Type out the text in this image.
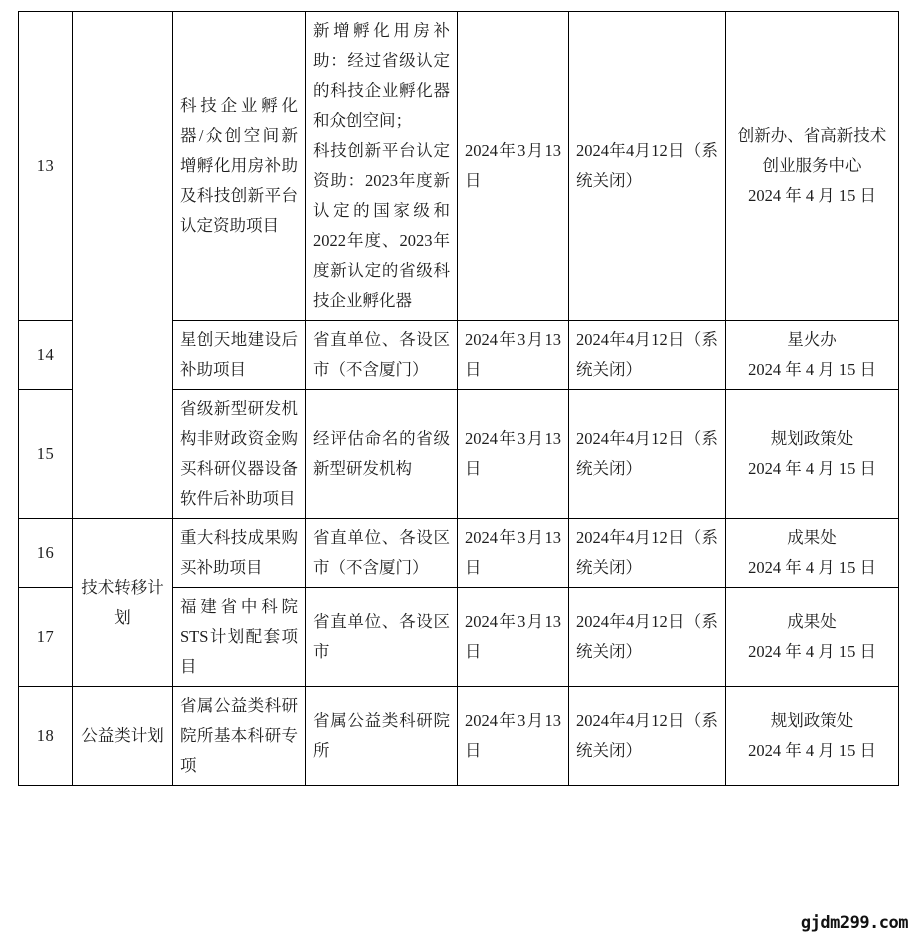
13		科技企业孵化器/众创空间新增孵化用房补助及科技创新平台认定资助项目	新增孵化用房补助：经过省级认定的科技企业孵化器和众创空间；
科技创新平台认定资助：2023年度新认定的国家级和2022年度、2023年度新认定的省级科技企业孵化器	2024年3月13日	2024年4月12日（系统关闭）	创新办、省高新技术
创业服务中心
2024 年 4 月 15 日

14		星创天地建设后补助项目	省直单位、各设区市（不含厦门）	2024年3月13日	2024年4月12日（系统关闭）	星火办
2024 年 4 月 15 日

15		省级新型研发机构非财政资金购买科研仪器设备软件后补助项目	经评估命名的省级新型研发机构	2024年3月13日	2024年4月12日（系统关闭）	规划政策处
2024 年 4 月 15 日

16	技术转移计划	重大科技成果购买补助项目	省直单位、各设区市（不含厦门）	2024年3月13日	2024年4月12日（系统关闭）	成果处
2024 年 4 月 15 日

17		福建省中科院STS计划配套项目	省直单位、各设区市	2024年3月13日	2024年4月12日（系统关闭）	成果处
2024 年 4 月 15 日

18	公益类计划	省属公益类科研院所基本科研专项	省属公益类科研院所	2024年3月13日	2024年4月12日（系统关闭）	规划政策处
2024 年 4 月 15 日
gjdm299.com
